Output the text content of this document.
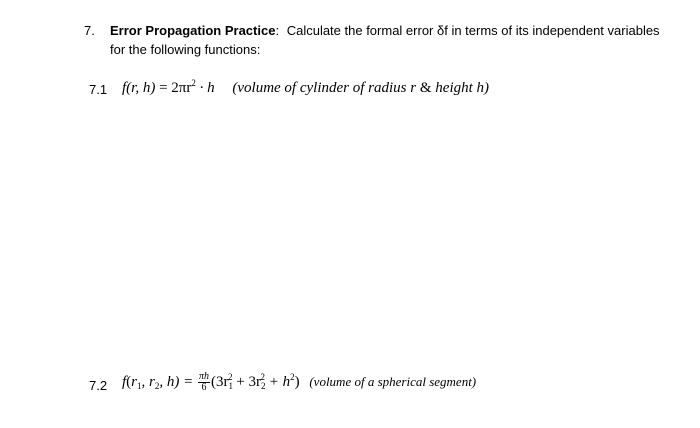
7. Error Propagation Practice: Calculate the formal error δf in terms of its independent variables
for the following functions:
7.1 f(r, $h) = 2\pi r^2 \cdot h$ (volume of cylinder of radius r & height h)
7.2 $f(r_1$, $r_2$, $h) = \frac{\pi h}{6} (3r_1^2 + 3r_2^2 + h^2)$ (volume of a spherical segment)
